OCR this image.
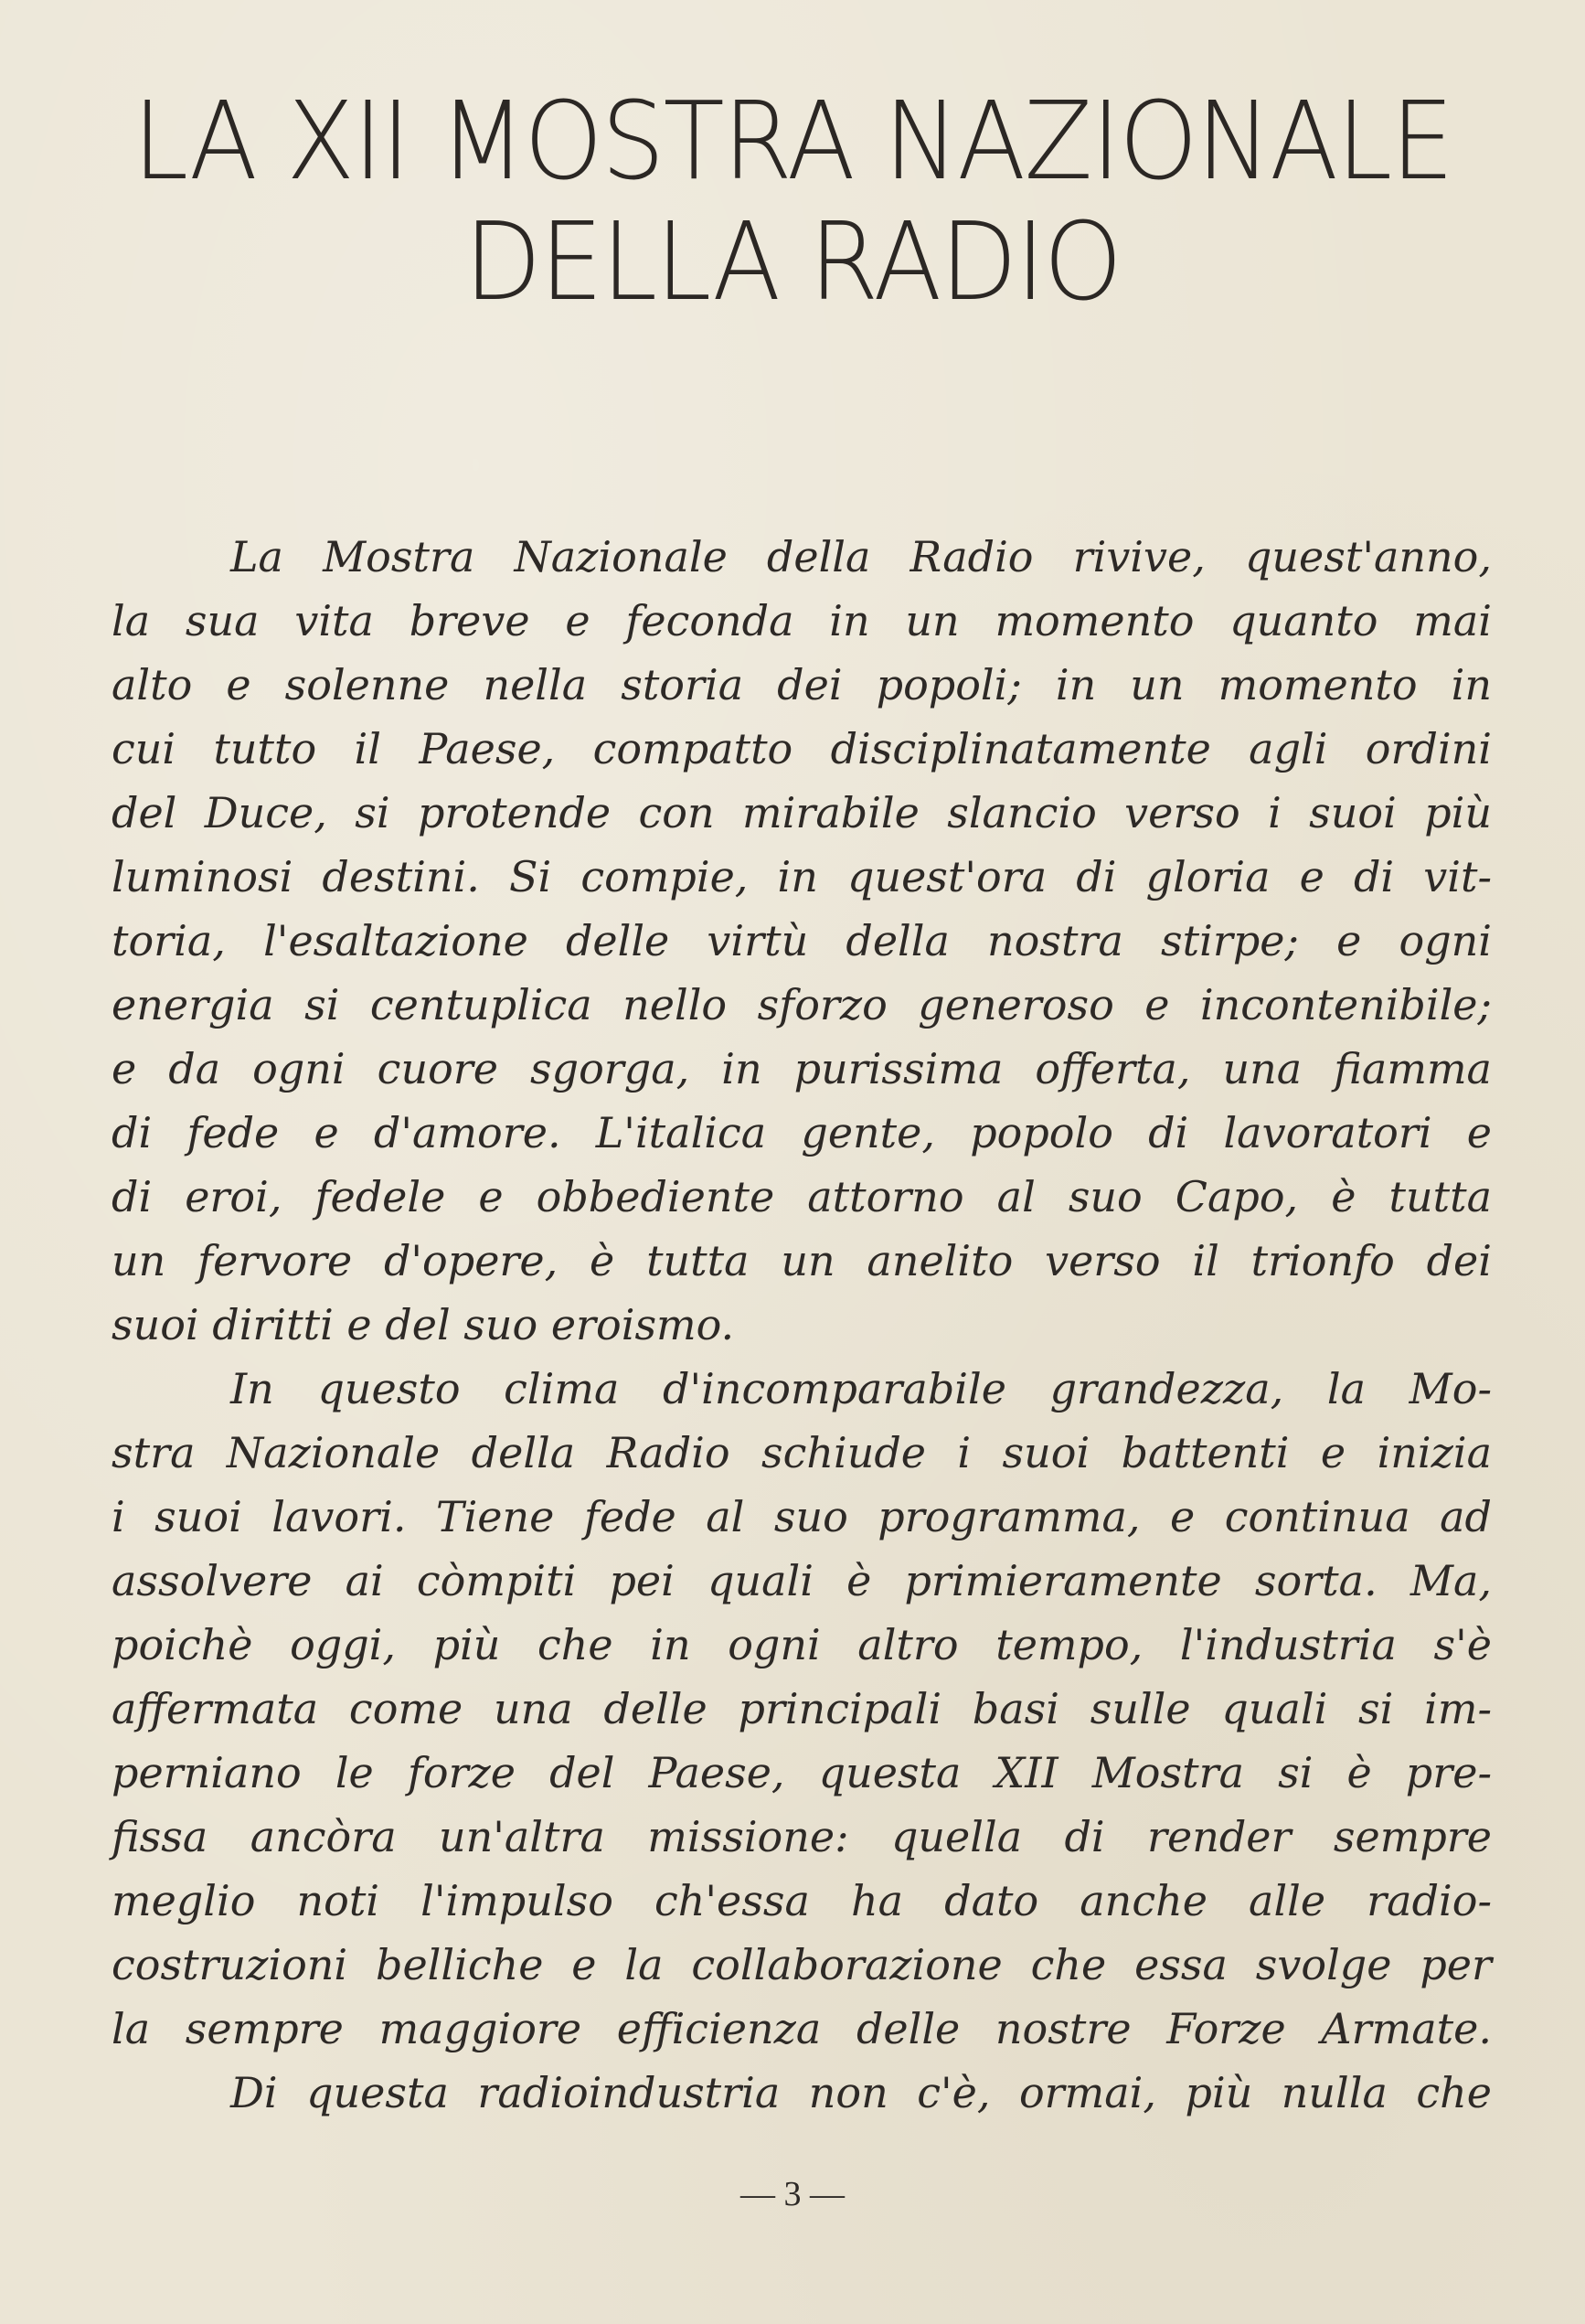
LA XII MOSTRA NAZIONALE
DELLA RADIO
La Mostra Nazionale della Radio rivive, quest'anno,
la sua vita breve e feconda in un momento quanto mai
alto e solenne nella storia dei popoli; in un momento in
cui tutto il Paese, compatto disciplinatamente agli ordini
del Duce, si protende con mirabile slancio verso i suoi più
luminosi destini. Si compie, in quest'ora di gloria e di vit-
toria, l'esaltazione delle virtù della nostra stirpe; e ogni
energia si centuplica nello sforzo generoso e incontenibile;
e da ogni cuore sgorga, in purissima offerta, una fiamma
di fede e d'amore. L'italica gente, popolo di lavoratori e
di eroi, fedele e obbediente attorno al suo Capo, è tutta
un fervore d'opere, è tutta un anelito verso il trionfo dei
suoi diritti e del suo eroismo.
In questo clima d'incomparabile grandezza, la Mo-
stra Nazionale della Radio schiude i suoi battenti e inizia
i suoi lavori. Tiene fede al suo programma, e continua ad
assolvere ai còmpiti pei quali è primieramente sorta. Ma,
poichè oggi, più che in ogni altro tempo, l'industria s'è
affermata come una delle principali basi sulle quali si im-
perniano le forze del Paese, questa XII Mostra si è pre-
fissa ancòra un'altra missione: quella di render sempre
meglio noti l'impulso ch'essa ha dato anche alle radio-
costruzioni belliche e la collaborazione che essa svolge per
la sempre maggiore efficienza delle nostre Forze Armate.
Di questa radioindustria non c'è, ormai, più nulla che
— 3 —
